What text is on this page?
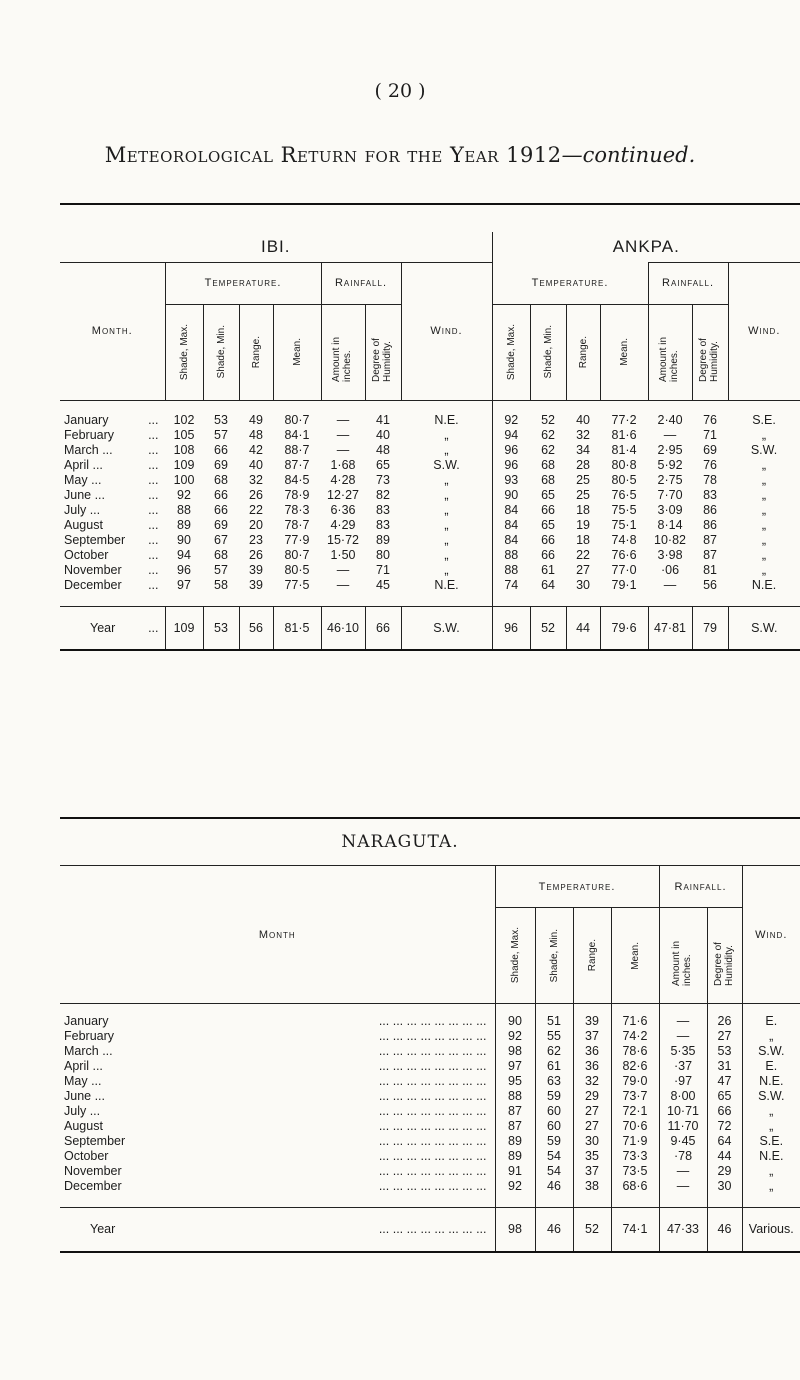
( 20 )
Meteorological Return for the Year 1912—continued.
IBI.								ANKPA.						
Month.	Temperature.				Rainfall.		Wind.	Temperature.				Rainfall.		Wind.

	Shade, Max.	Shade, Min.	Range.	Mean.	Amount in inches.	Degree of Humidity.		Shade, Max.	Shade, Min.	Range.	Mean.	Amount in inches.	Degree of Humidity.	

January ...	102	53	49	80·7	—	41	N.E.	92	52	40	77·2	2·40	76	S.E.
February ...	105	57	48	84·1	—	40	„	94	62	32	81·6	—	71	„
March ... ...	108	66	42	88·7	—	48	„	96	62	34	81·4	2·95	69	S.W.
April ... ...	109	69	40	87·7	1·68	65	S.W.	96	68	28	80·8	5·92	76	„
May ... ...	100	68	32	84·5	4·28	73	„	93	68	25	80·5	2·75	78	„
June ... ...	92	66	26	78·9	12·27	82	„	90	65	25	76·5	7·70	83	„
July ... ...	88	66	22	78·3	6·36	83	„	84	66	18	75·5	3·09	86	„
August ...	89	69	20	78·7	4·29	83	„	84	65	19	75·1	8·14	86	„
September ...	90	67	23	77·9	15·72	89	„	84	66	18	74·8	10·82	87	„
October ...	94	68	26	80·7	1·50	80	„	88	66	22	76·6	3·98	87	„
November ...	96	57	39	80·5	—	71	„	88	61	27	77·0	·06	81	„
December ...	97	58	39	77·5	—	45	N.E.	74	64	30	79·1	—	56	N.E.

Year ...	109	53	56	81·5	46·10	66	S.W.	96	52	44	79·6	47·81	79	S.W.
NARAGUTA.
Month	Temperature.				Rainfall.		Wind.

	Shade, Max.	Shade, Min.	Range.	Mean.	Amount in inches.	Degree of Humidity.	

January ... ... ... ... ... ... ... ...	90	51	39	71·6	—	26	E.
February ... ... ... ... ... ... ... ...	92	55	37	74·2	—	27	„
March ... ... ... ... ... ... ... ... ...	98	62	36	78·6	5·35	53	S.W.
April ... ... ... ... ... ... ... ... ...	97	61	36	82·6	·37	31	E.
May ... ... ... ... ... ... ... ... ...	95	63	32	79·0	·97	47	N.E.
June ... ... ... ... ... ... ... ... ...	88	59	29	73·7	8·00	65	S.W.
July ... ... ... ... ... ... ... ... ...	87	60	27	72·1	10·71	66	„
August ... ... ... ... ... ... ... ...	87	60	27	70·6	11·70	72	„
September ... ... ... ... ... ... ... ...	89	59	30	71·9	9·45	64	S.E.
October ... ... ... ... ... ... ... ...	89	54	35	73·3	·78	44	N.E.
November ... ... ... ... ... ... ... ...	91	54	37	73·5	—	29	„
December ... ... ... ... ... ... ... ...	92	46	38	68·6	—	30	„

Year ... ... ... ... ... ... ... ...	98	46	52	74·1	47·33	46	Various.
